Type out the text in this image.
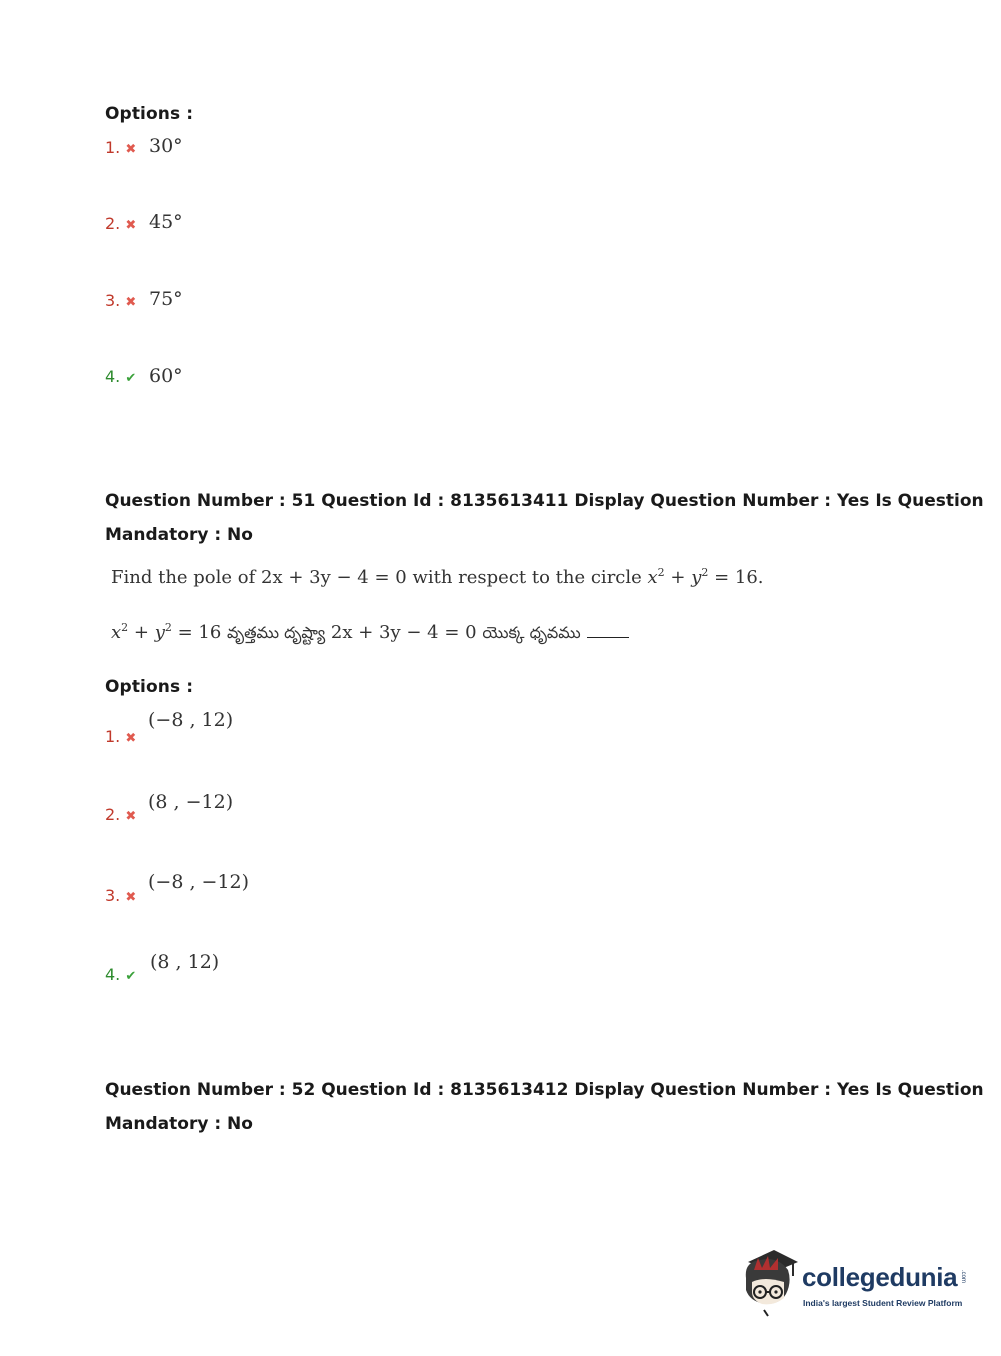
Options :
1. ✖ 30°
2. ✖ 45°
3. ✖ 75°
4. ✔ 60°
Question Number : 51 Question Id : 8135613411 Display Question Number : Yes Is Question
Mandatory : No
Find the pole of 2x + 3y − 4 = 0 with respect to the circle $x^2 + y^2 = 16$.
$x^2 + y^2 = 16$ వృత్తము దృష్ట్యా 2x + 3y − 4 = 0 యొక్క ధృవము
Options :
1. ✖
(−8 , 12)
2. ✖
(8 , −12)
3. ✖
(−8 , −12)
4. ✔
(8 , 12)
Question Number : 52 Question Id : 8135613412 Display Question Number : Yes Is Question
Mandatory : No
collegedunia .com
India's largest Student Review Platform
